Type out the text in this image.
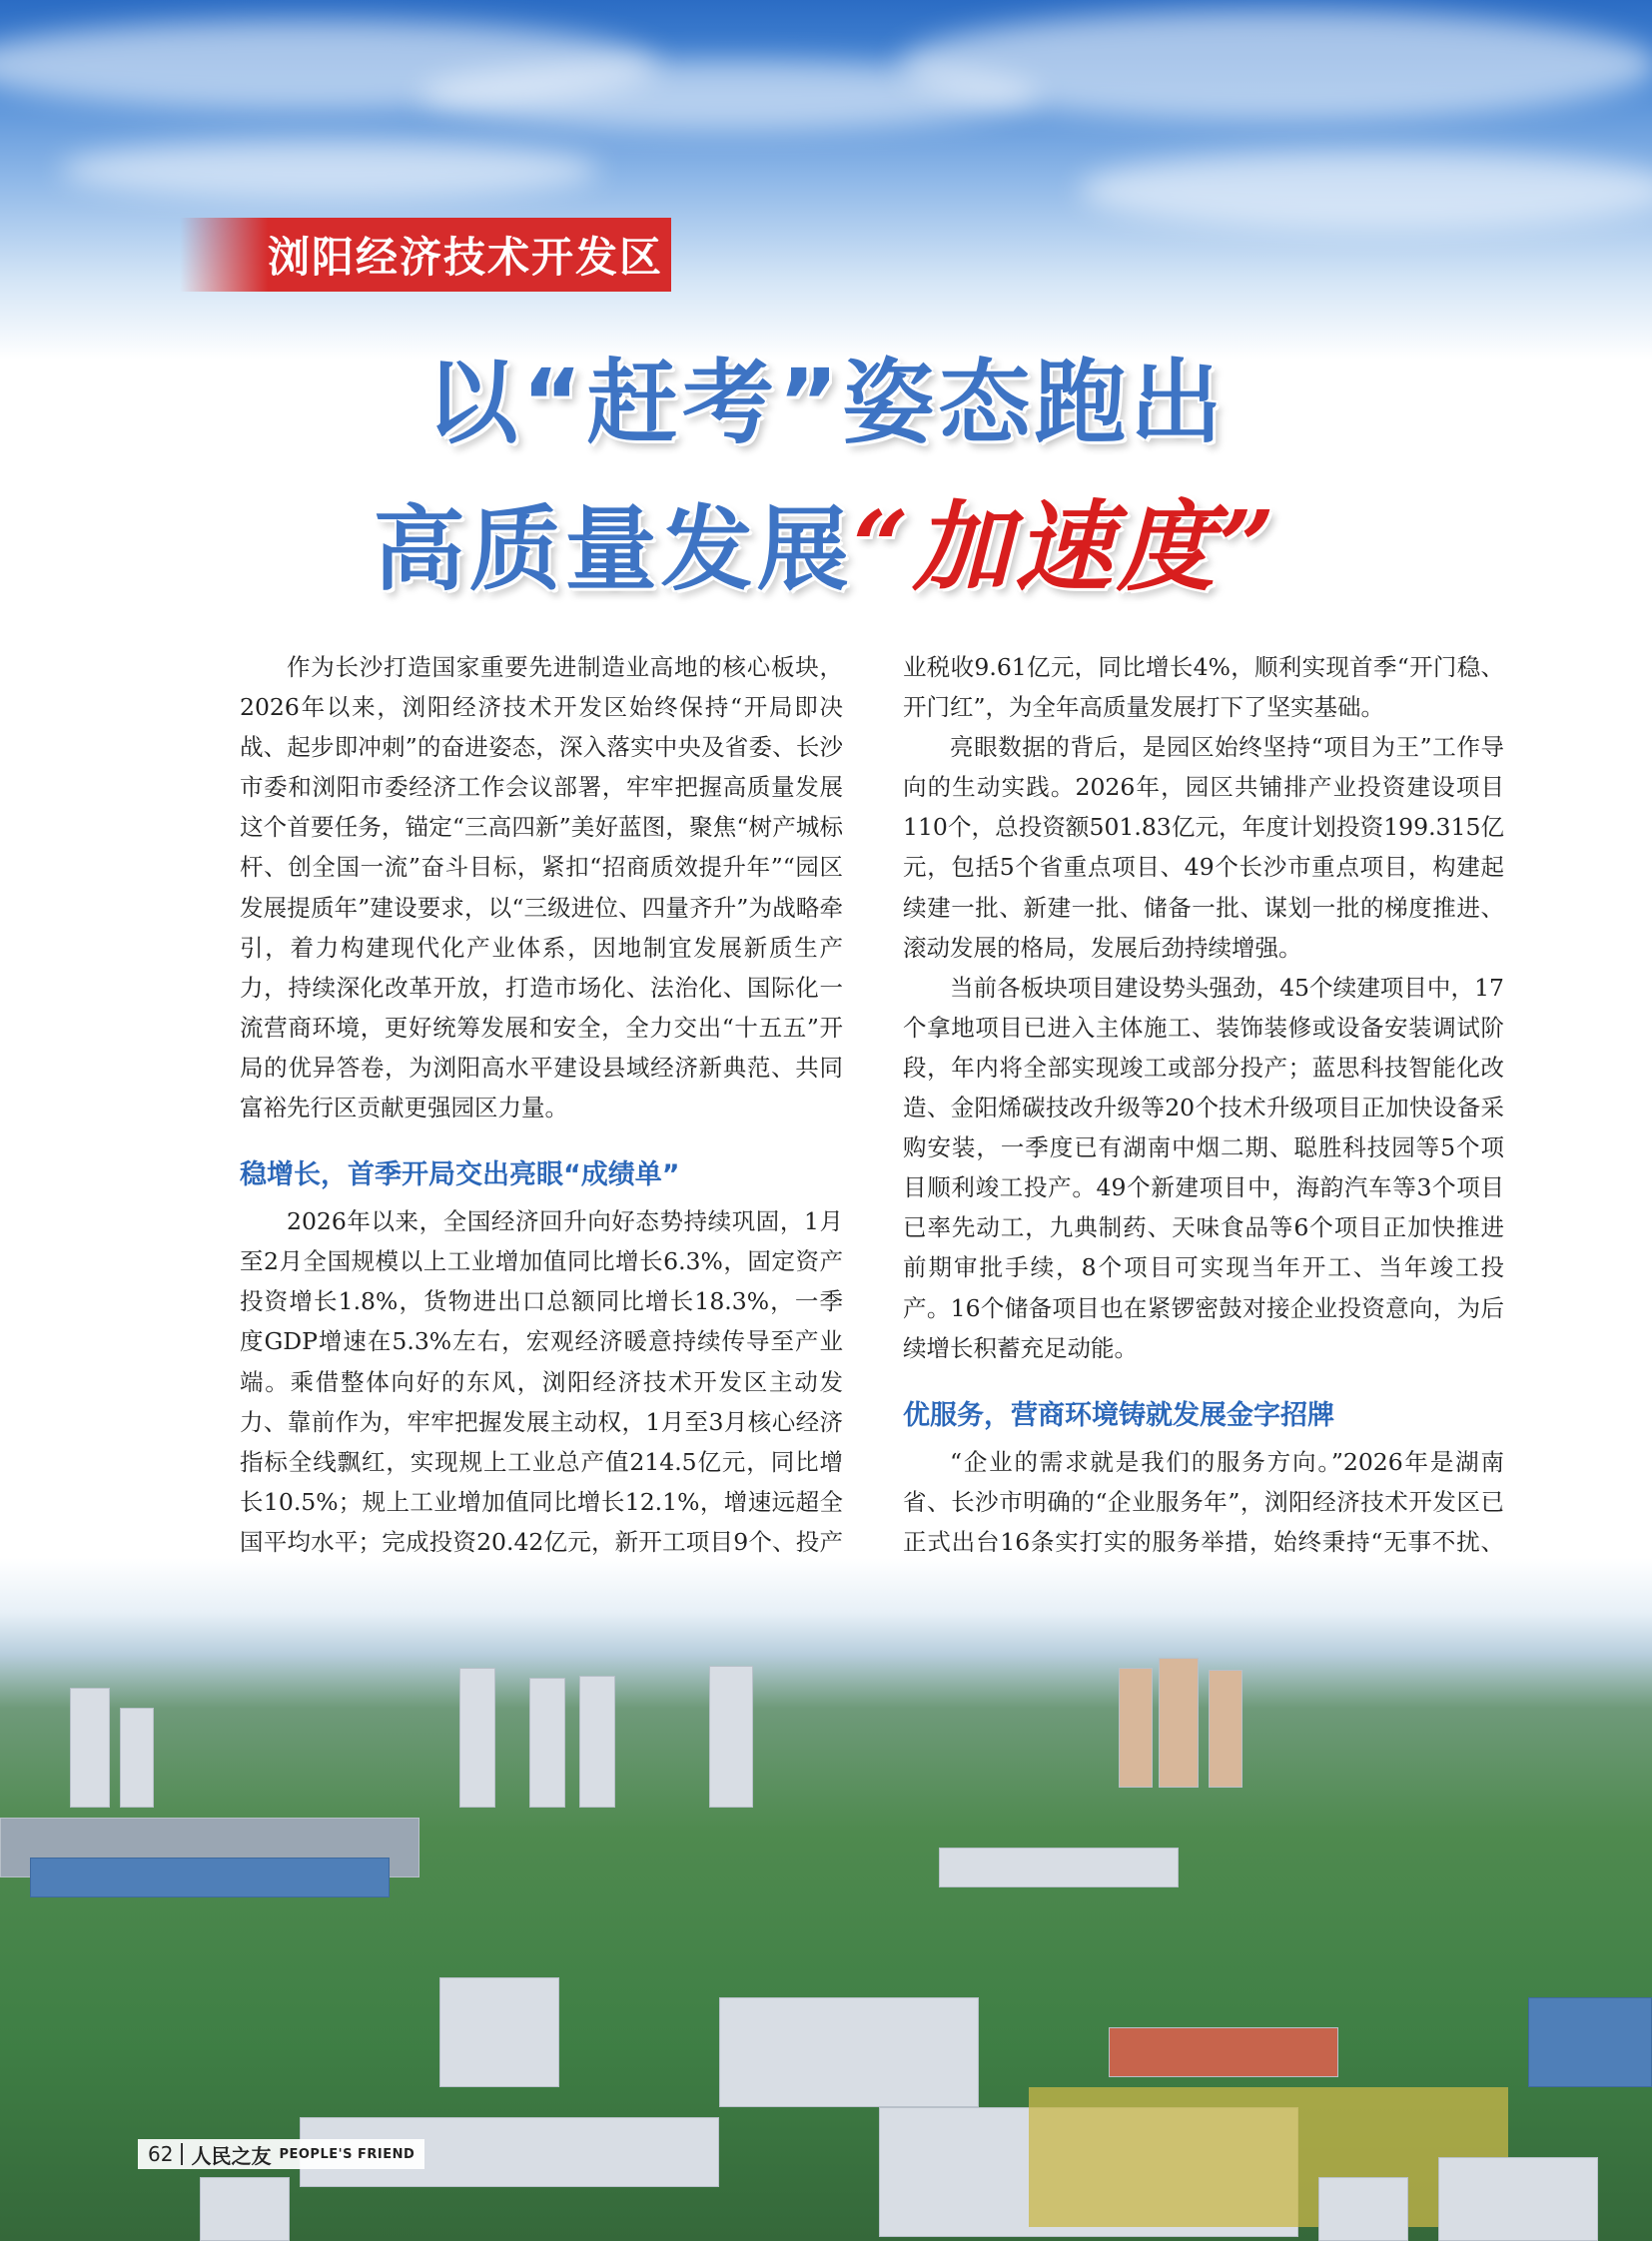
浏阳经济技术开发区
以“赶考”姿态跑出
高质量发展“加速度”

作为长沙打造国家重要先进制造业高地的核心板块，2026年以来，浏阳经济技术开发区始终保持“开局即决战、起步即冲刺”的奋进姿态，深入落实中央及省委、长沙市委和浏阳市委经济工作会议部署，牢牢把握高质量发展这个首要任务，锚定“三高四新”美好蓝图，聚焦“树产城标杆、创全国一流”奋斗目标，紧扣“招商质效提升年”“园区发展提质年”建设要求，以“三级进位、四量齐升”为战略牵引，着力构建现代化产业体系，因地制宜发展新质生产力，持续深化改革开放，打造市场化、法治化、国际化一流营商环境，更好统筹发展和安全，全力交出“十五五”开局的优异答卷，为浏阳高水平建设县域经济新典范、共同富裕先行区贡献更强园区力量。

稳增长，首季开局交出亮眼“成绩单”

2026年以来，全国经济回升向好态势持续巩固，1月至2月全国规模以上工业增加值同比增长6.3%，固定资产投资增长1.8%，货物进出口总额同比增长18.3%，一季度GDP增速在5.3%左右，宏观经济暖意持续传导至产业端。乘借整体向好的东风，浏阳经济技术开发区主动发力、靠前作为，牢牢把握发展主动权，1月至3月核心经济指标全线飘红，实现规上工业总产值214.5亿元，同比增长10.5%；规上工业增加值同比增长12.1%，增速远超全国平均水平；完成投资20.42亿元，新开工项目9个、投产

业税收9.61亿元，同比增长4%，顺利实现首季“开门稳、开门红”，为全年高质量发展打下了坚实基础。

亮眼数据的背后，是园区始终坚持“项目为王”工作导向的生动实践。2026年，园区共铺排产业投资建设项目110个，总投资额501.83亿元，年度计划投资199.315亿元，包括5个省重点项目、49个长沙市重点项目，构建起续建一批、新建一批、储备一批、谋划一批的梯度推进、滚动发展的格局，发展后劲持续增强。

当前各板块项目建设势头强劲，45个续建项目中，17个拿地项目已进入主体施工、装饰装修或设备安装调试阶段，年内将全部实现竣工或部分投产；蓝思科技智能化改造、金阳烯碳技改升级等20个技术升级项目正加快设备采购安装，一季度已有湖南中烟二期、聪胜科技园等5个项目顺利竣工投产。49个新建项目中，海韵汽车等3个项目已率先动工，九典制药、天味食品等6个项目正加快推进前期审批手续，8个项目可实现当年开工、当年竣工投产。16个储备项目也在紧锣密鼓对接企业投资意向，为后续增长积蓄充足动能。

优服务，营商环境铸就发展金字招牌

“企业的需求就是我们的服务方向。”2026年是湖南省、长沙市明确的“企业服务年”，浏阳经济技术开发区已正式出台16条实打实的服务举措，始终秉持“无事不扰、

62 人民之友 PEOPLE'S FRIEND
